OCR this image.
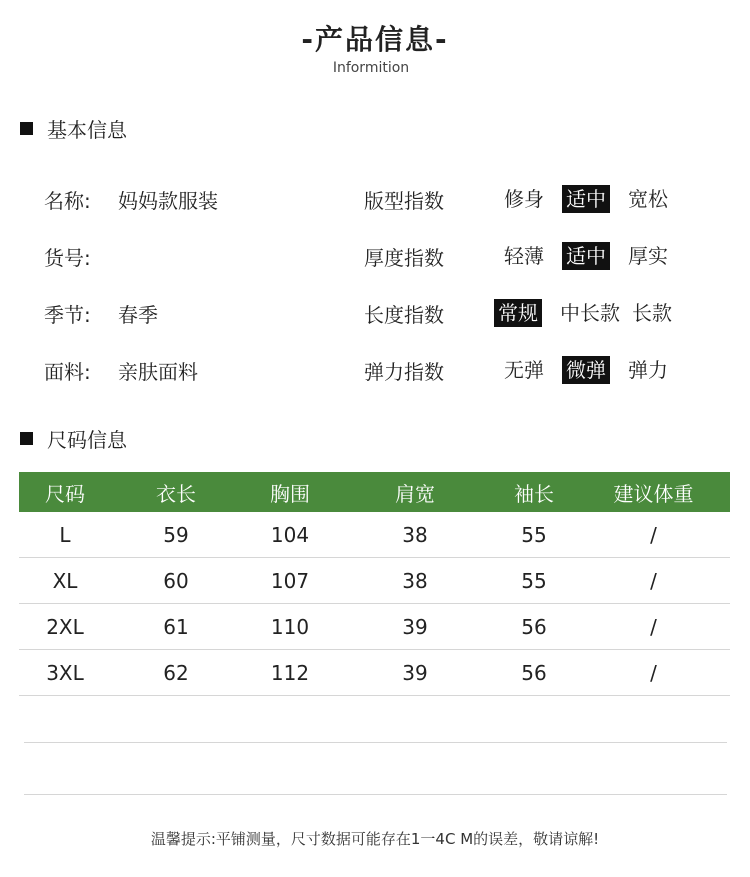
-产品信息-
Informition
基本信息
名称:	妈妈款服装
货号:
季节:	春季
面料:	亲肤面料
版型指数	修身 适中 宽松
厚度指数	轻薄 适中 厚实
长度指数	常规 中长款 长款
弹力指数	无弹 微弹 弹力
尺码信息
尺码	衣长	胸围	肩宽	袖长	建议体重
L	59	104	38	55	/
XL	60	107	38	55	/
2XL	61	110	39	56	/
3XL	62	112	39	56	/
温馨提示:平铺测量，尺寸数据可能存在1一4C M的误差，敬请谅解!
